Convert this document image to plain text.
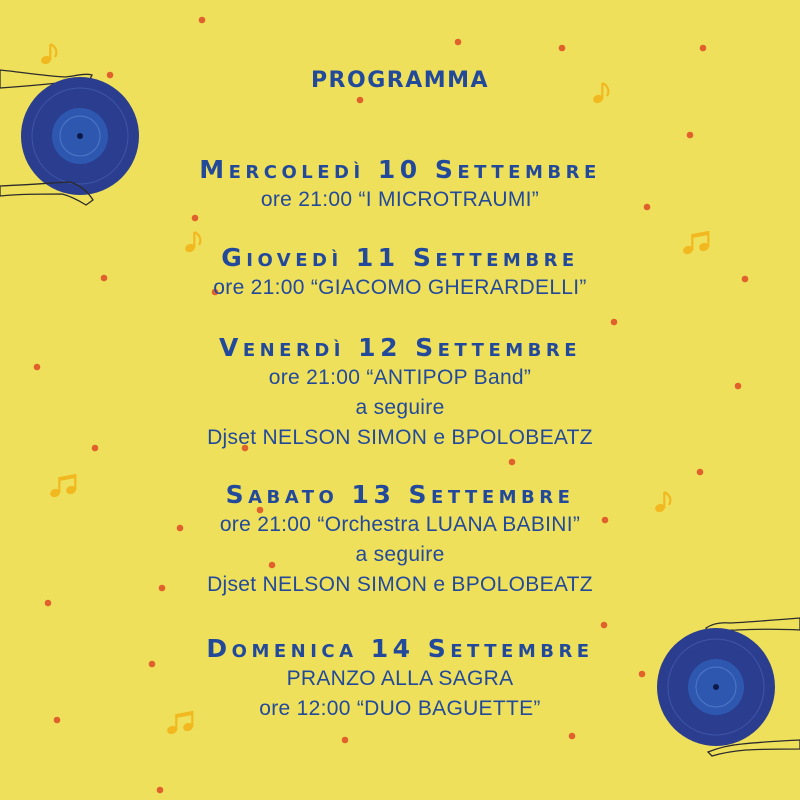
PROGRAMMA
Mercoledì 10 Settembre
ore 21:00 “I MICROTRAUMI”
Giovedì 11 Settembre
ore 21:00 “GIACOMO GHERARDELLI”
Venerdì 12 Settembre
ore 21:00 “ANTIPOP Band”
a seguire
Djset NELSON SIMON e BPOLOBEATZ
Sabato 13 Settembre
ore 21:00 “Orchestra LUANA BABINI”
a seguire
Djset NELSON SIMON e BPOLOBEATZ
Domenica 14 Settembre
PRANZO ALLA SAGRA
ore 12:00 “DUO BAGUETTE”
